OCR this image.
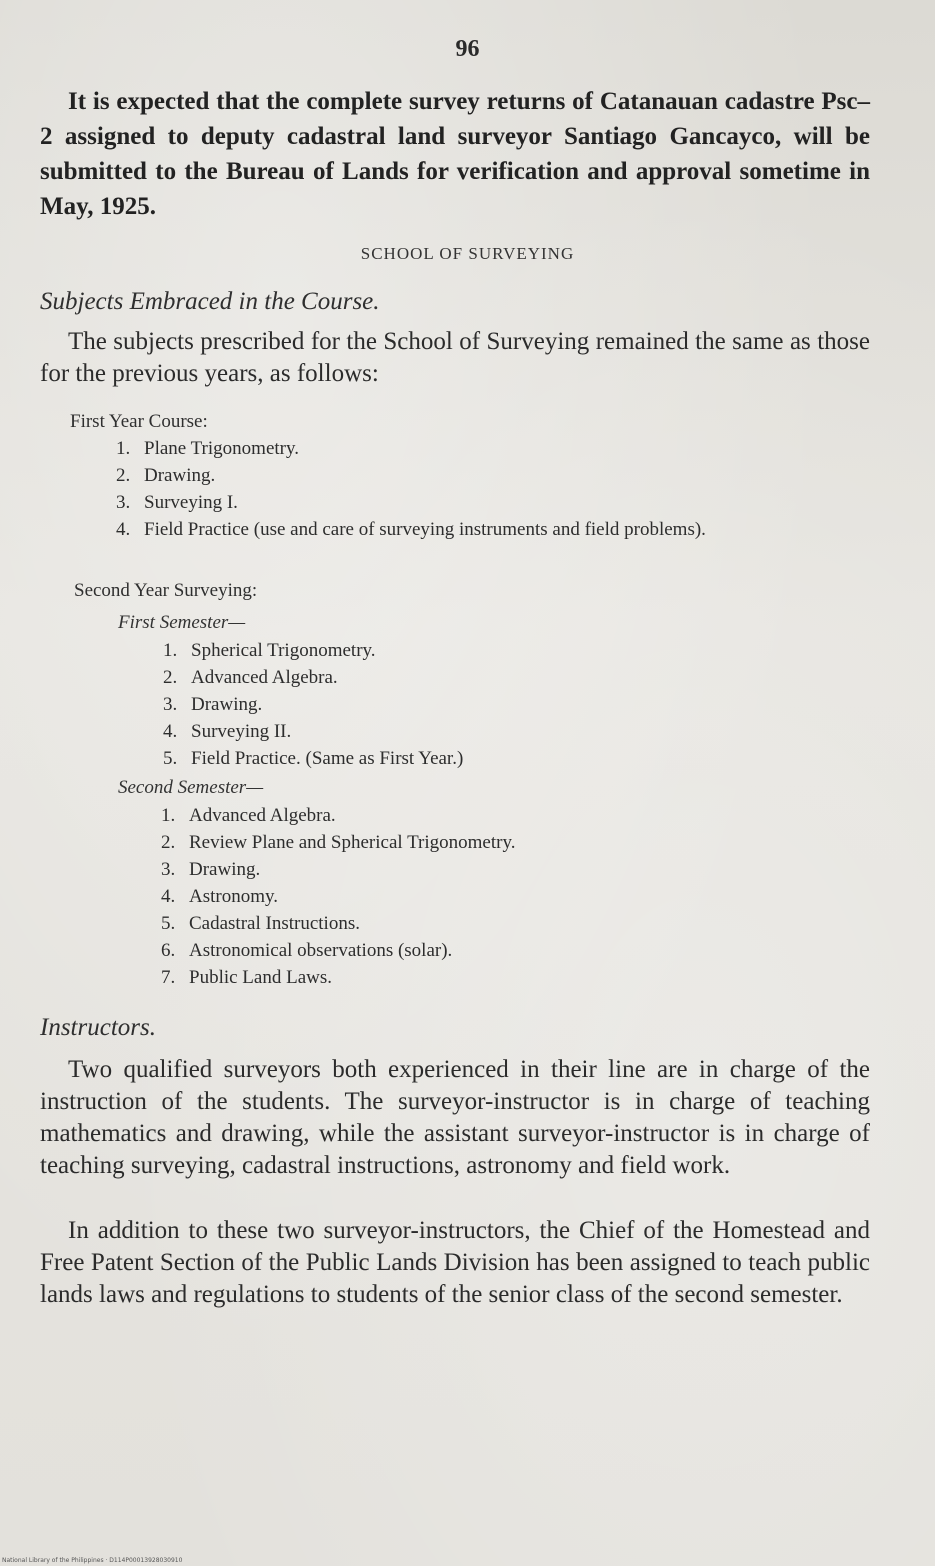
96

It is expected that the complete survey returns of Catanauan cadastre Psc–2 assigned to deputy cadastral land surveyor Santiago Gancayco, will be submitted to the Bureau of Lands for verification and approval sometime in May, 1925.

SCHOOL OF SURVEYING
Subjects Embraced in the Course.

The subjects prescribed for the School of Surveying remained the same as those for the previous years, as follows:

First Year Course:
1. Plane Trigonometry.
2. Drawing.
3. Surveying I.
4. Field Practice (use and care of surveying instruments and field problems).
Second Year Surveying:
First Semester—
1. Spherical Trigonometry.
2. Advanced Algebra.
3. Drawing.
4. Surveying II.
5. Field Practice. (Same as First Year.)
Second Semester—
1. Advanced Algebra.
2. Review Plane and Spherical Trigonometry.
3. Drawing.
4. Astronomy.
5. Cadastral Instructions.
6. Astronomical observations (solar).
7. Public Land Laws.
Instructors.

Two qualified surveyors both experienced in their line are in charge of the instruction of the students. The surveyor-instructor is in charge of teaching mathematics and drawing, while the assistant surveyor-instructor is in charge of teaching surveying, cadastral instructions, astronomy and field work.

In addition to these two surveyor-instructors, the Chief of the Homestead and Free Patent Section of the Public Lands Division has been assigned to teach public lands laws and regulations to students of the senior class of the second semester.

National Library of the Philippines · D114P00013928030910
